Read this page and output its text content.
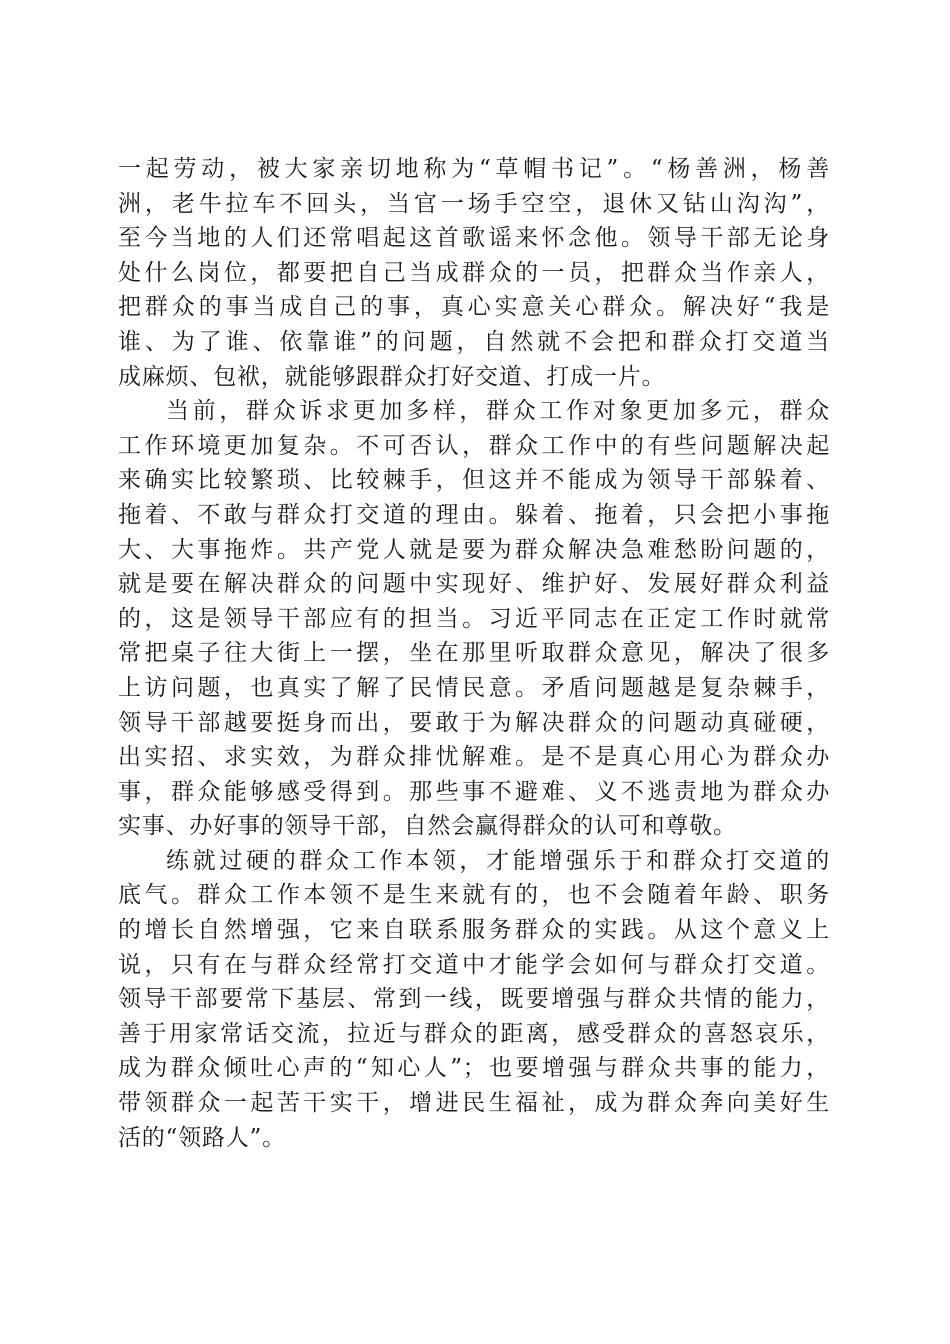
一起劳动，被大家亲切地称为“草帽书记”。“杨善洲，杨善
洲，老牛拉车不回头，当官一场手空空，退休又钻山沟沟”，
至今当地的人们还常唱起这首歌谣来怀念他。领导干部无论身
处什么岗位，都要把自己当成群众的一员，把群众当作亲人，
把群众的事当成自己的事，真心实意关心群众。解决好“我是
谁、为了谁、依靠谁”的问题，自然就不会把和群众打交道当
成麻烦、包袱，就能够跟群众打好交道、打成一片。
当前，群众诉求更加多样，群众工作对象更加多元，群众
工作环境更加复杂。不可否认，群众工作中的有些问题解决起
来确实比较繁琐、比较棘手，但这并不能成为领导干部躲着、
拖着、不敢与群众打交道的理由。躲着、拖着，只会把小事拖
大、大事拖炸。共产党人就是要为群众解决急难愁盼问题的，
就是要在解决群众的问题中实现好、维护好、发展好群众利益
的，这是领导干部应有的担当。习近平同志在正定工作时就常
常把桌子往大街上一摆，坐在那里听取群众意见，解决了很多
上访问题，也真实了解了民情民意。矛盾问题越是复杂棘手，
领导干部越要挺身而出，要敢于为解决群众的问题动真碰硬，
出实招、求实效，为群众排忧解难。是不是真心用心为群众办
事，群众能够感受得到。那些事不避难、义不逃责地为群众办
实事、办好事的领导干部，自然会赢得群众的认可和尊敬。
练就过硬的群众工作本领，才能增强乐于和群众打交道的
底气。群众工作本领不是生来就有的，也不会随着年龄、职务
的增长自然增强，它来自联系服务群众的实践。从这个意义上
说，只有在与群众经常打交道中才能学会如何与群众打交道。
领导干部要常下基层、常到一线，既要增强与群众共情的能力，
善于用家常话交流，拉近与群众的距离，感受群众的喜怒哀乐，
成为群众倾吐心声的“知心人”；也要增强与群众共事的能力，
带领群众一起苦干实干，增进民生福祉，成为群众奔向美好生
活的“领路人”。
